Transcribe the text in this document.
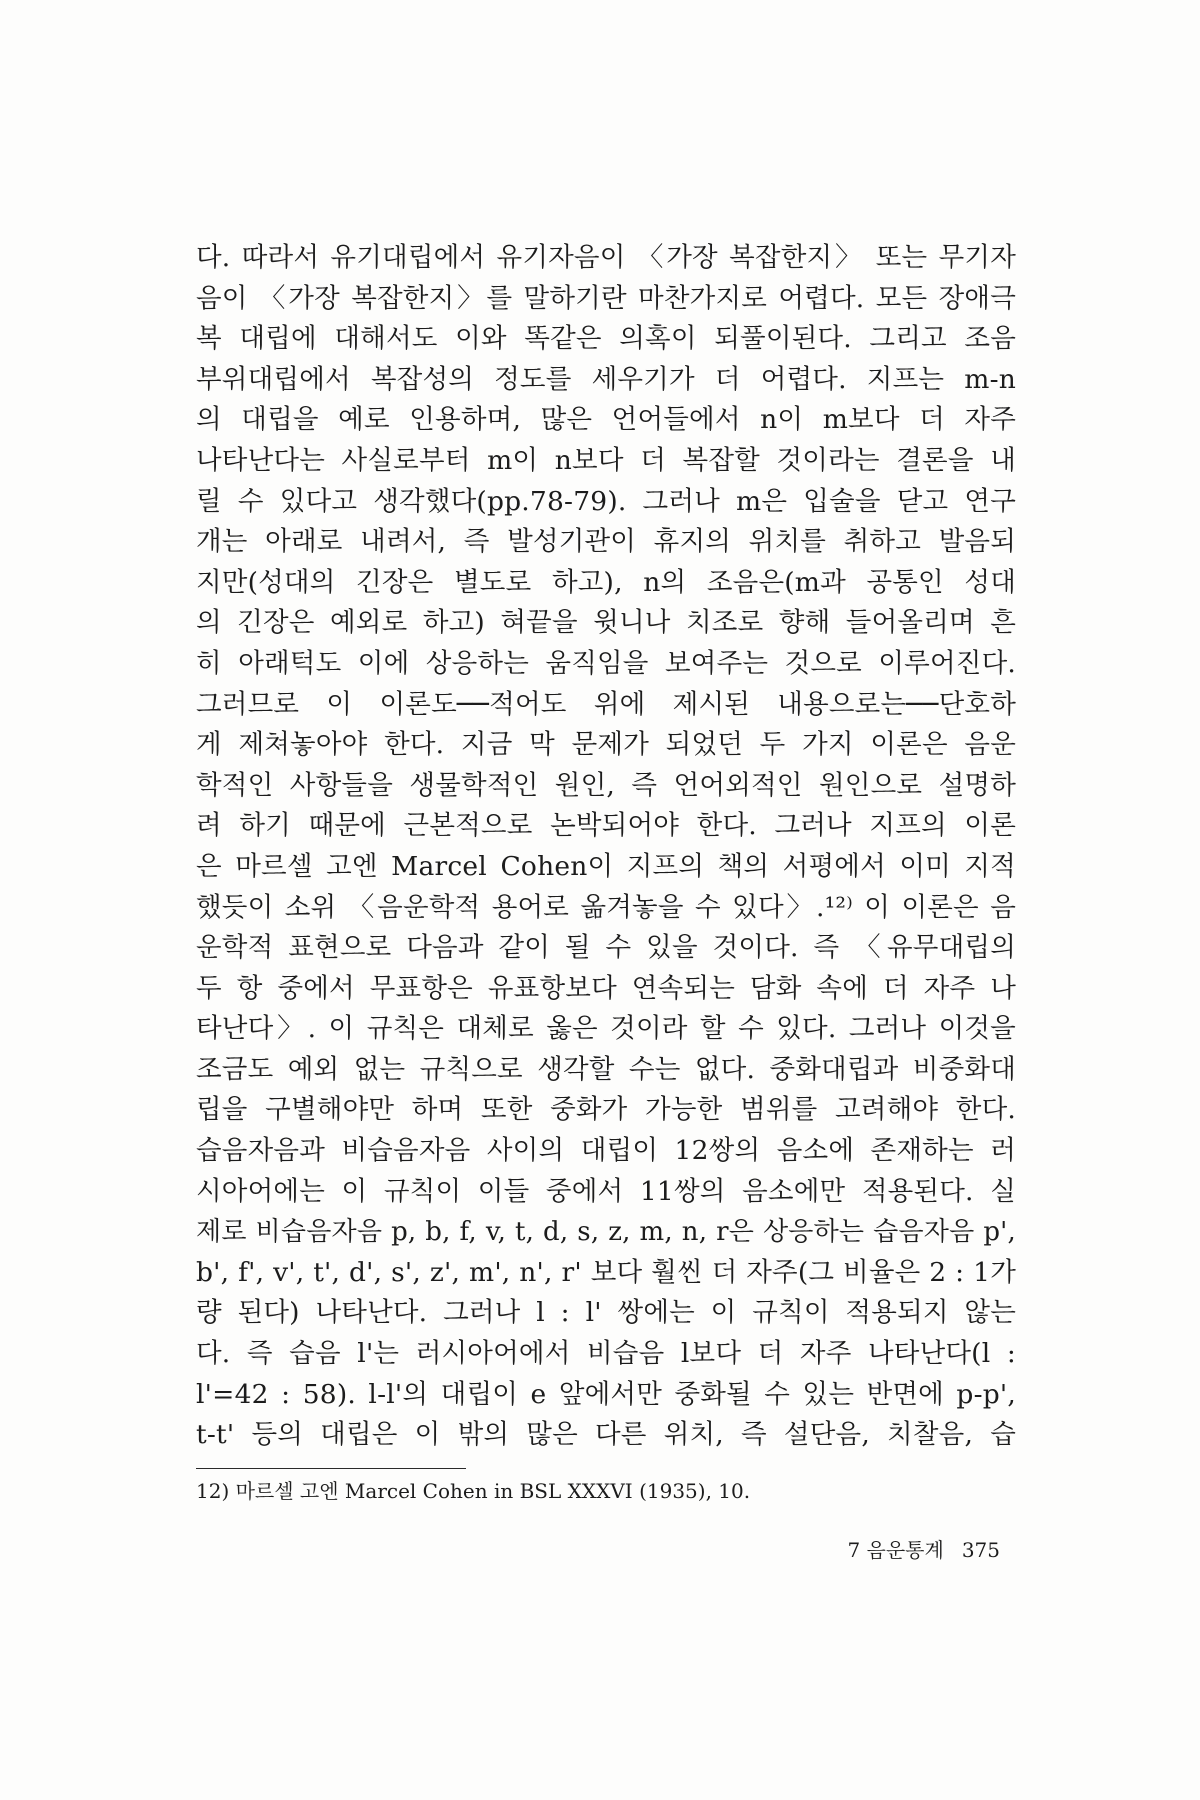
다. 따라서 유기대립에서 유기자음이 〈가장 복잡한지〉 또는 무기자
음이 〈가장 복잡한지〉를 말하기란 마찬가지로 어렵다. 모든 장애극
복 대립에 대해서도 이와 똑같은 의혹이 되풀이된다. 그리고 조음
부위대립에서 복잡성의 정도를 세우기가 더 어렵다. 지프는 m-n
의 대립을 예로 인용하며, 많은 언어들에서 n이 m보다 더 자주
나타난다는 사실로부터 m이 n보다 더 복잡할 것이라는 결론을 내
릴 수 있다고 생각했다(pp.78-79). 그러나 m은 입술을 닫고 연구
개는 아래로 내려서, 즉 발성기관이 휴지의 위치를 취하고 발음되
지만(성대의 긴장은 별도로 하고), n의 조음은(m과 공통인 성대
의 긴장은 예외로 하고) 혀끝을 윗니나 치조로 향해 들어올리며 흔
히 아래턱도 이에 상응하는 움직임을 보여주는 것으로 이루어진다.
그러므로 이 이론도──적어도 위에 제시된 내용으로는──단호하
게 제쳐놓아야 한다. 지금 막 문제가 되었던 두 가지 이론은 음운
학적인 사항들을 생물학적인 원인, 즉 언어외적인 원인으로 설명하
려 하기 때문에 근본적으로 논박되어야 한다. 그러나 지프의 이론
은 마르셀 고엔 Marcel Cohen이 지프의 책의 서평에서 이미 지적
했듯이 소위 〈음운학적 용어로 옮겨놓을 수 있다〉.¹²⁾ 이 이론은 음
운학적 표현으로 다음과 같이 될 수 있을 것이다. 즉 〈유무대립의
두 항 중에서 무표항은 유표항보다 연속되는 담화 속에 더 자주 나
타난다〉. 이 규칙은 대체로 옳은 것이라 할 수 있다. 그러나 이것을
조금도 예외 없는 규칙으로 생각할 수는 없다. 중화대립과 비중화대
립을 구별해야만 하며 또한 중화가 가능한 범위를 고려해야 한다.
습음자음과 비습음자음 사이의 대립이 12쌍의 음소에 존재하는 러
시아어에는 이 규칙이 이들 중에서 11쌍의 음소에만 적용된다. 실
제로 비습음자음 p, b, f, v, t, d, s, z, m, n, r은 상응하는 습음자음 p',
b', f', v', t', d', s', z', m', n', r' 보다 훨씬 더 자주(그 비율은 2 : 1가
량 된다) 나타난다. 그러나 l : l' 쌍에는 이 규칙이 적용되지 않는
다. 즉 습음 l'는 러시아어에서 비습음 l보다 더 자주 나타난다(l :
l'=42 : 58). l-l'의 대립이 e 앞에서만 중화될 수 있는 반면에 p-p',
t-t' 등의 대립은 이 밖의 많은 다른 위치, 즉 설단음, 치찰음, 습
12) 마르셀 고엔 Marcel Cohen in BSL XXXVI (1935), 10.
7 음운통계 375
